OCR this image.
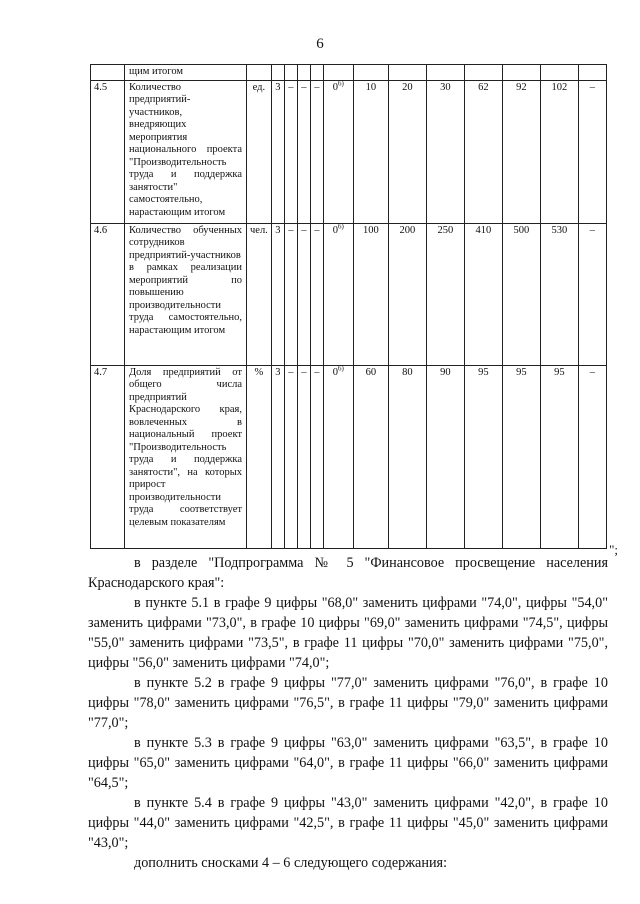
6
	щим итогом													
4.5	Количество предприятий-участников, внедряющих мероприятия национального проекта "Производительность труда и поддержка занятости" самостоятельно, нарастающим итогом	ед.	3	–	–	–	0$^{6)}$	10	20	30	62	92	102	–
4.6	Количество обученных сотрудников предприятий-участников в рамках реализации мероприятий по повышению производительности труда самостоятельно, нарастающим итогом	чел.	3	–	–	–	0$^{6)}$	100	200	250	410	500	530	–
4.7	Доля предприятий от общего числа предприятий Краснодарского края, вовлеченных в национальный проект "Производительность труда и поддержка занятости", на которых прирост производительности труда соответствует целевым показателям	%	3	–	–	–	0$^{6)}$	60	80	90	95	95	95	–
";

в разделе "Подпрограмма № 5 "Финансовое просвещение населения Краснодарского края":

в пункте 5.1 в графе 9 цифры "68,0" заменить цифрами "74,0", цифры "54,0" заменить цифрами "73,0", в графе 10 цифры "69,0" заменить цифрами "74,5", цифры "55,0" заменить цифрами "73,5", в графе 11 цифры "70,0" заменить цифрами "75,0", цифры "56,0" заменить цифрами "74,0";

в пункте 5.2 в графе 9 цифры "77,0" заменить цифрами "76,0", в графе 10 цифры "78,0" заменить цифрами "76,5", в графе 11 цифры "79,0" заменить цифрами "77,0";

в пункте 5.3 в графе 9 цифры "63,0" заменить цифрами "63,5", в графе 10 цифры "65,0" заменить цифрами "64,0", в графе 11 цифры "66,0" заменить цифрами "64,5";

в пункте 5.4 в графе 9 цифры "43,0" заменить цифрами "42,0", в графе 10 цифры "44,0" заменить цифрами "42,5", в графе 11 цифры "45,0" заменить цифрами "43,0";

дополнить сносками 4 – 6 следующего содержания:
